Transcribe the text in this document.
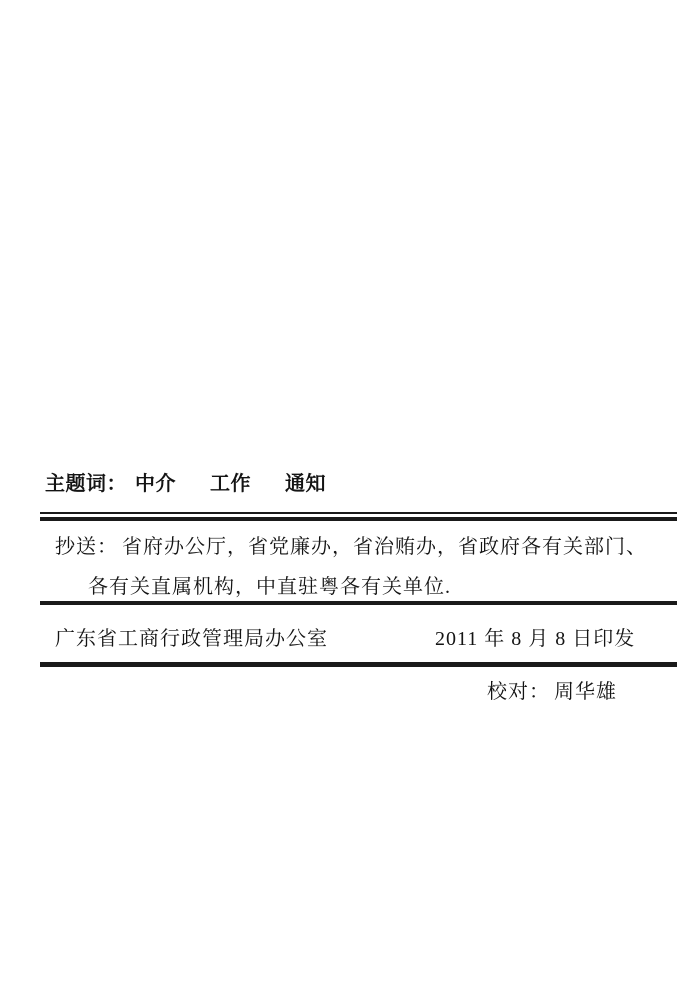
主题词： 中介 工作 通知
抄送： 省府办公厅，省党廉办，省治贿办，省政府各有关部门、
各有关直属机构，中直驻粤各有关单位.
广东省工商行政管理局办公室	2011 年 8 月 8 日印发
校对： 周华雄
